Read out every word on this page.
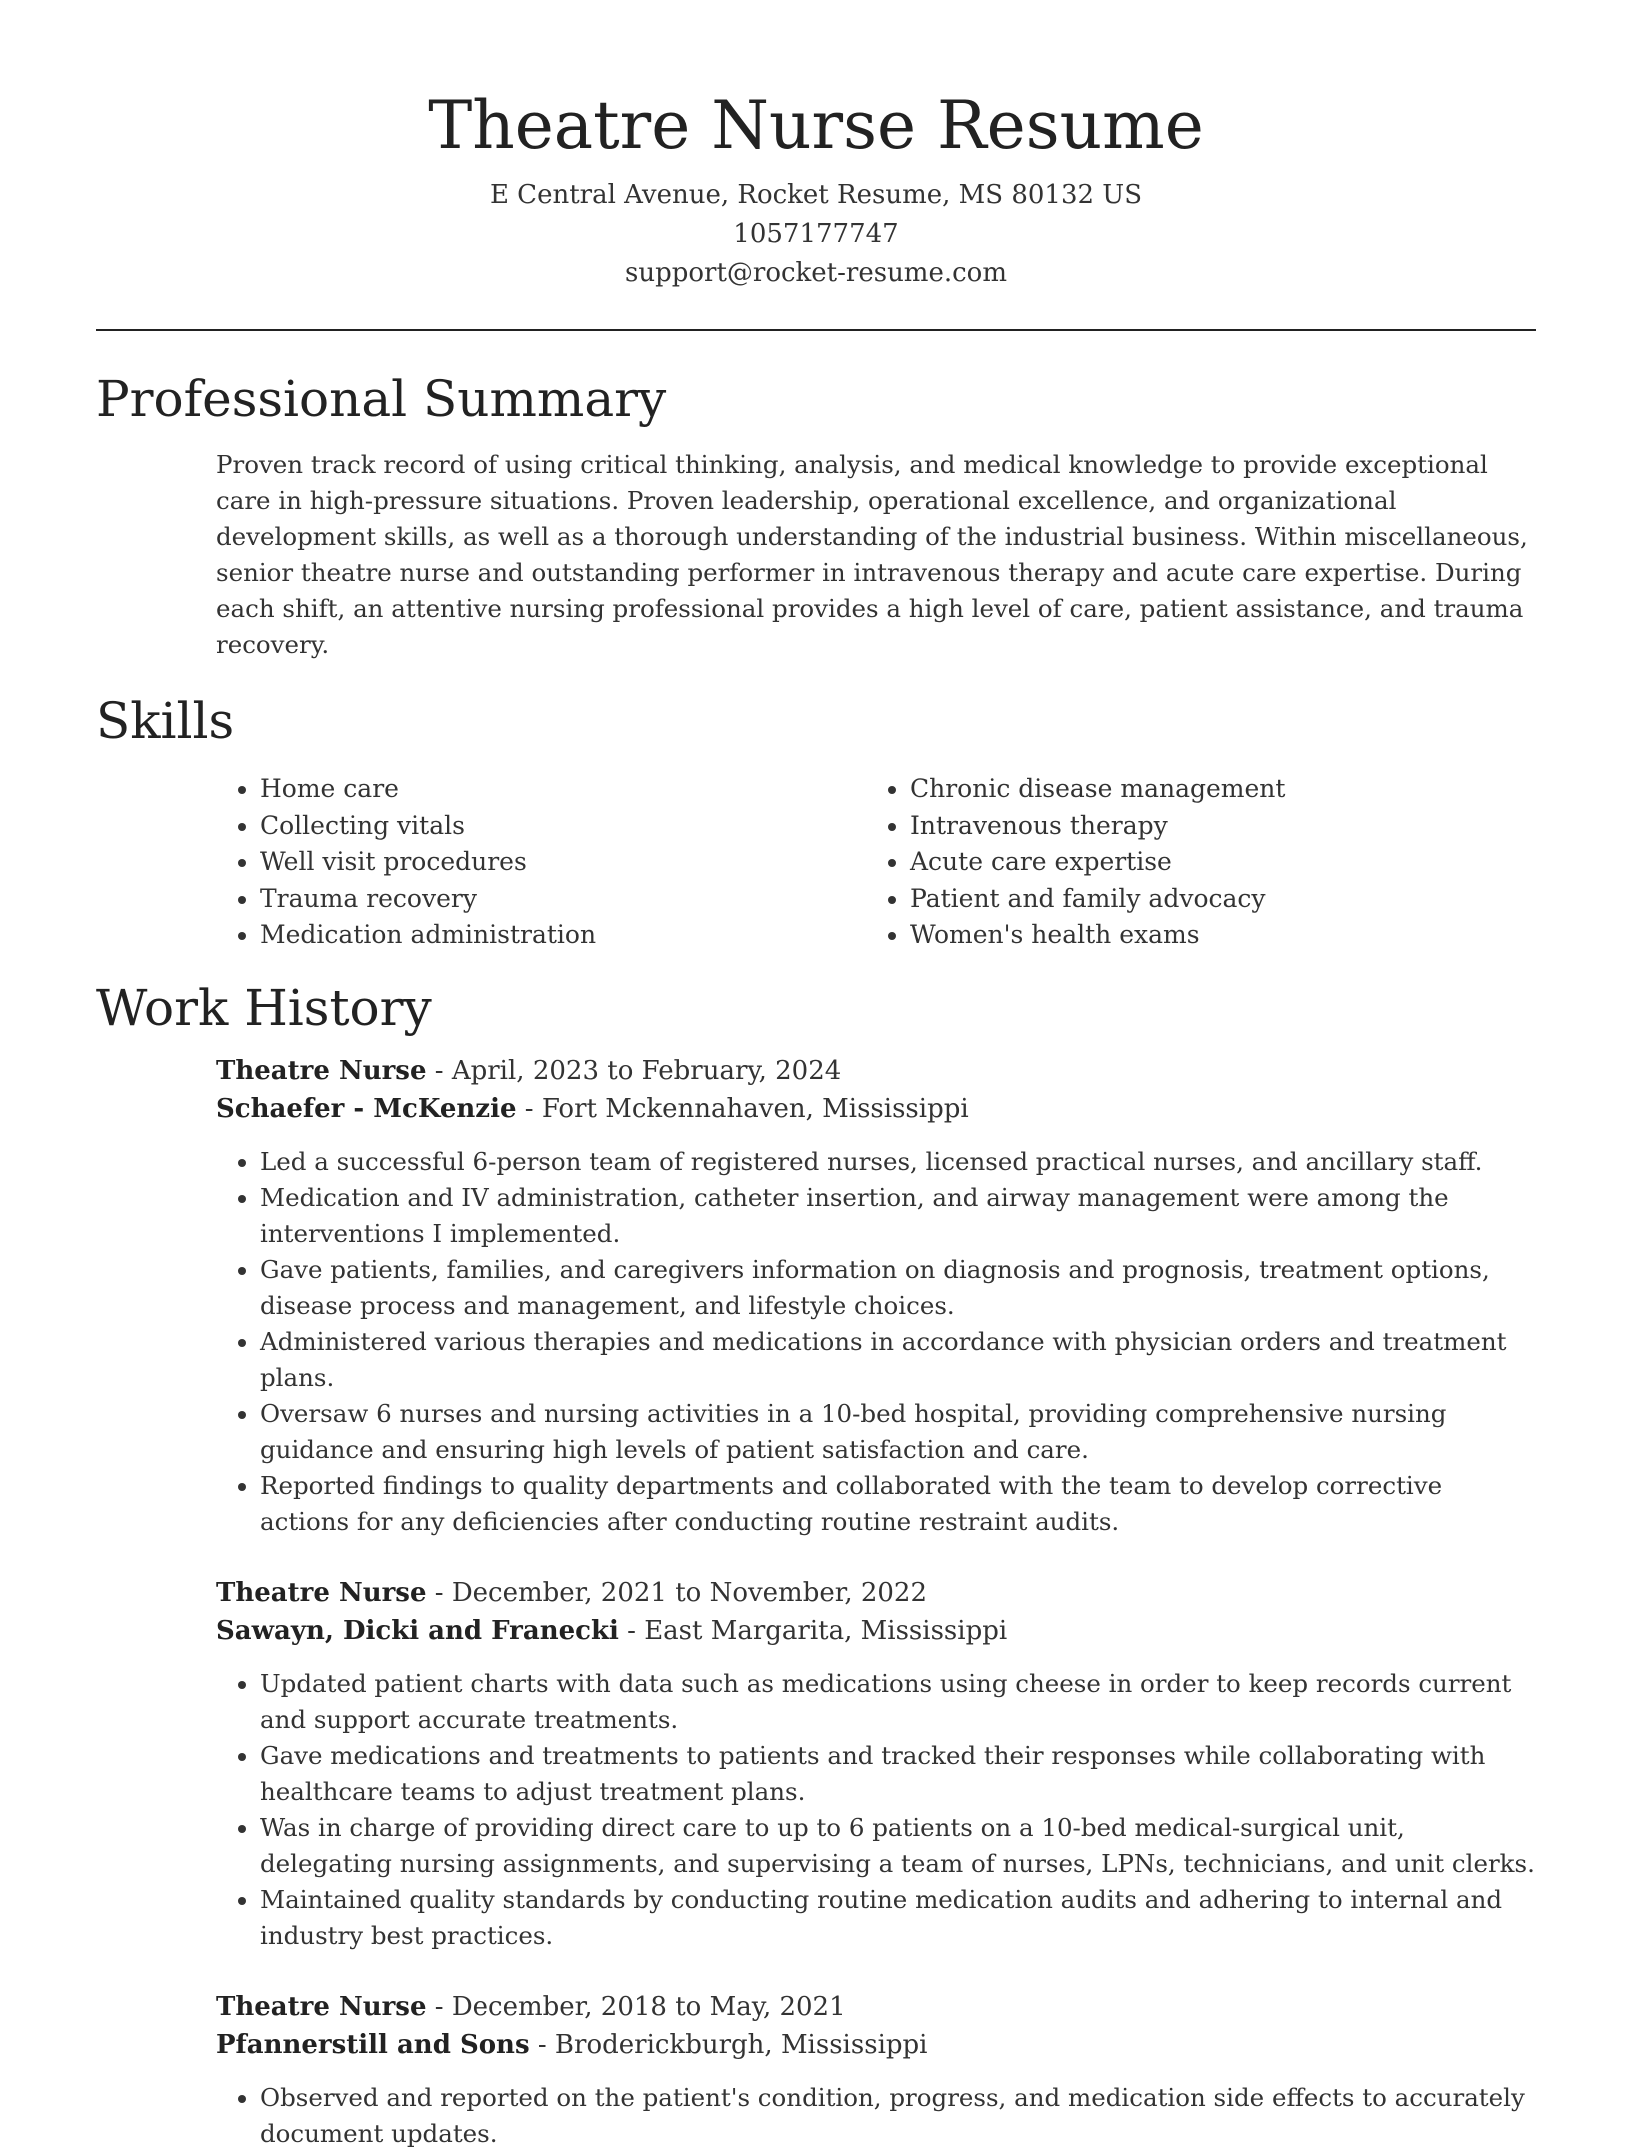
Theatre Nurse Resume
E Central Avenue, Rocket Resume, MS 80132 US
1057177747
support@rocket-resume.com
Professional Summary

Proven track record of using critical thinking, analysis, and medical knowledge to provide exceptional care in high-pressure situations. Proven leadership, operational excellence, and organizational development skills, as well as a thorough understanding of the industrial business. Within miscellaneous, senior theatre nurse and outstanding performer in intravenous therapy and acute care expertise. During each shift, an attentive nursing professional provides a high level of care, patient assistance, and trauma recovery.

Skills
• Home care
• Collecting vitals
• Well visit procedures
• Trauma recovery
• Medication administration
• Chronic disease management
• Intravenous therapy
• Acute care expertise
• Patient and family advocacy
• Women's health exams
Work History
Theatre Nurse - April, 2023 to February, 2024
Schaefer - McKenzie - Fort Mckennahaven, Mississippi
• Led a successful 6-person team of registered nurses, licensed practical nurses, and ancillary staff.
• Medication and IV administration, catheter insertion, and airway management were among the interventions I implemented.
• Gave patients, families, and caregivers information on diagnosis and prognosis, treatment options, disease process and management, and lifestyle choices.
• Administered various therapies and medications in accordance with physician orders and treatment plans.
• Oversaw 6 nurses and nursing activities in a 10-bed hospital, providing comprehensive nursing guidance and ensuring high levels of patient satisfaction and care.
• Reported findings to quality departments and collaborated with the team to develop corrective actions for any deficiencies after conducting routine restraint audits.
Theatre Nurse - December, 2021 to November, 2022
Sawayn, Dicki and Franecki - East Margarita, Mississippi
• Updated patient charts with data such as medications using cheese in order to keep records current and support accurate treatments.
• Gave medications and treatments to patients and tracked their responses while collaborating with healthcare teams to adjust treatment plans.
• Was in charge of providing direct care to up to 6 patients on a 10-bed medical-surgical unit, delegating nursing assignments, and supervising a team of nurses, LPNs, technicians, and unit clerks.
• Maintained quality standards by conducting routine medication audits and adhering to internal and industry best practices.
Theatre Nurse - December, 2018 to May, 2021
Pfannerstill and Sons - Broderickburgh, Mississippi
• Observed and reported on the patient's condition, progress, and medication side effects to accurately document updates.
